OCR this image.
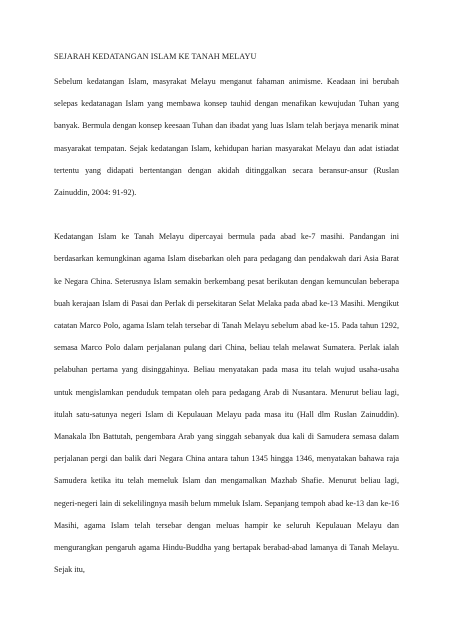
SEJARAH KEDATANGAN ISLAM KE TANAH MELAYU

Sebelum kedatangan Islam, masyrakat Melayu menganut fahaman animisme. Keadaan ini berubah selepas kedatanagan Islam yang membawa konsep tauhid dengan menafikan kewujudan Tuhan yang banyak. Bermula dengan konsep keesaan Tuhan dan ibadat yang luas Islam telah berjaya menarik minat masyarakat tempatan. Sejak kedatangan Islam, kehidupan harian masyarakat Melayu dan adat istiadat tertentu yang didapati bertentangan dengan akidah ditinggalkan secara beransur-ansur (Ruslan Zainuddin, 2004: 91-92).

Kedatangan Islam ke Tanah Melayu dipercayai bermula pada abad ke-7 masihi. Pandangan ini berdasarkan kemungkinan agama Islam disebarkan oleh para pedagang dan pendakwah dari Asia Barat ke Negara China. Seterusnya Islam semakin berkembang pesat berikutan dengan kemunculan beberapa buah kerajaan Islam di Pasai dan Perlak di persekitaran Selat Melaka pada abad ke-13 Masihi. Mengikut catatan Marco Polo, agama Islam telah tersebar di Tanah Melayu sebelum abad ke-15. Pada tahun 1292, semasa Marco Polo dalam perjalanan pulang dari China, beliau telah melawat Sumatera. Perlak ialah pelabuhan pertama yang disinggahinya. Beliau menyatakan pada masa itu telah wujud usaha-usaha untuk mengislamkan penduduk tempatan oleh para pedagang Arab di Nusantara. Menurut beliau lagi, itulah satu-satunya negeri Islam di Kepulauan Melayu pada masa itu (Hall dlm Ruslan Zainuddin). Manakala Ibn Battutah, pengembara Arab yang singgah sebanyak dua kali di Samudera semasa dalam perjalanan pergi dan balik dari Negara China antara tahun 1345 hingga 1346, menyatakan bahawa raja Samudera ketika itu telah memeluk Islam dan mengamalkan Mazhab Shafie. Menurut beliau lagi, negeri-negeri lain di sekelilingnya masih belum mmeluk Islam. Sepanjang tempoh abad ke-13 dan ke-16 Masihi, agama Islam telah tersebar dengan meluas hampir ke seluruh Kepulauan Melayu dan mengurangkan pengaruh agama Hindu-Buddha yang bertapak berabad-abad lamanya di Tanah Melayu. Sejak itu,
